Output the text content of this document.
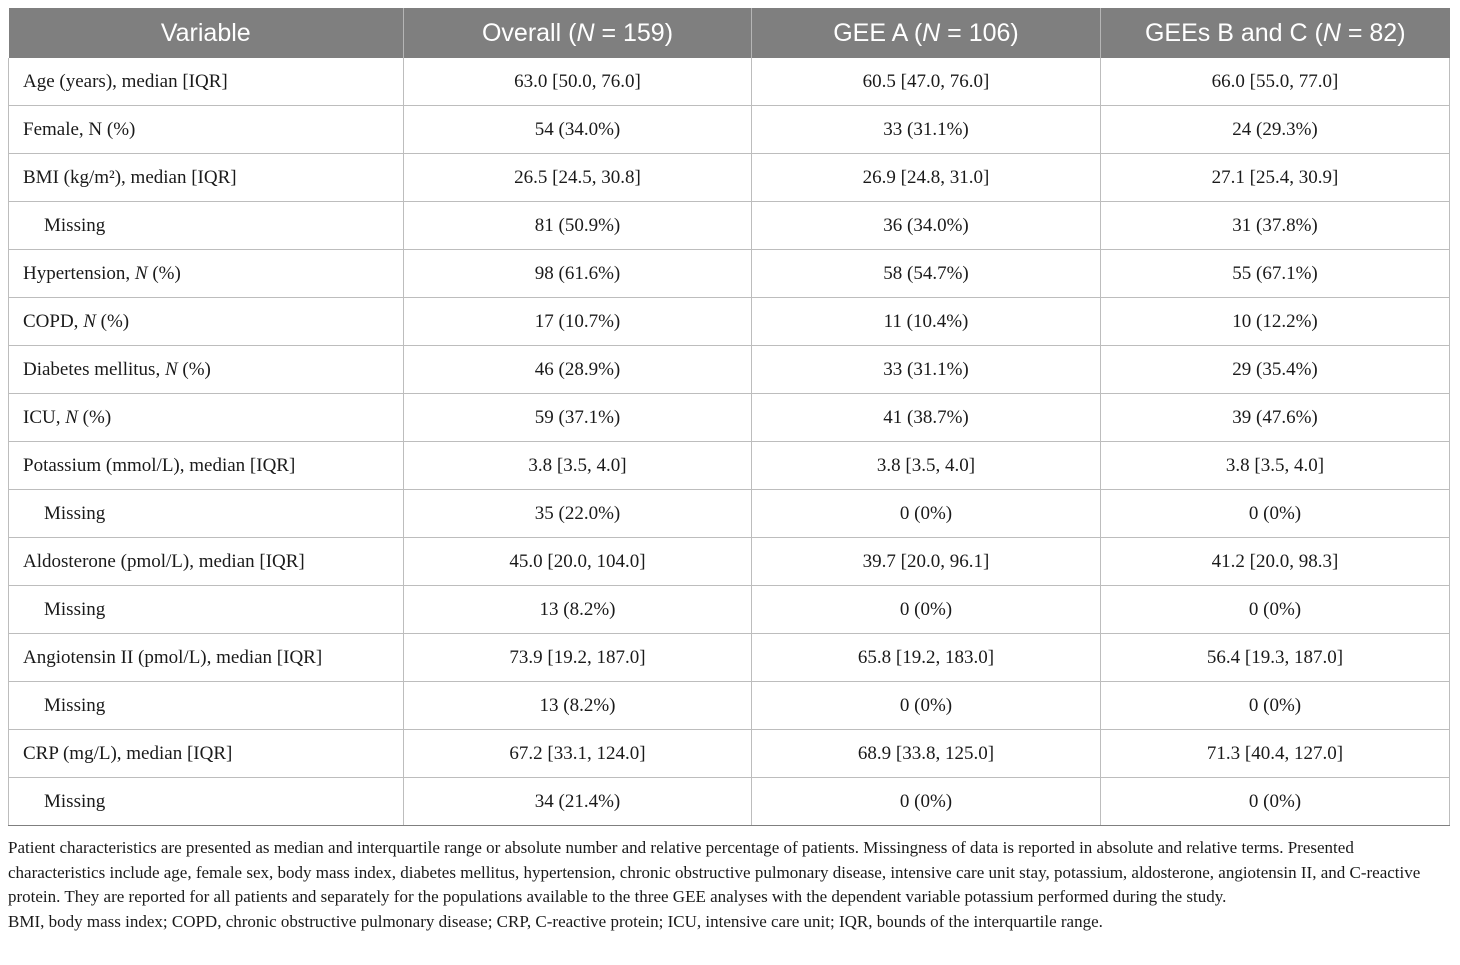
Variable	Overall (N = 159)	GEE A (N = 106)	GEEs B and C (N = 82)
Age (years), median [IQR]	63.0 [50.0, 76.0]	60.5 [47.0, 76.0]	66.0 [55.0, 77.0]
Female, N (%)	54 (34.0%)	33 (31.1%)	24 (29.3%)
BMI (kg/m²), median [IQR]	26.5 [24.5, 30.8]	26.9 [24.8, 31.0]	27.1 [25.4, 30.9]
Missing	81 (50.9%)	36 (34.0%)	31 (37.8%)
Hypertension, N (%)	98 (61.6%)	58 (54.7%)	55 (67.1%)
COPD, N (%)	17 (10.7%)	11 (10.4%)	10 (12.2%)
Diabetes mellitus, N (%)	46 (28.9%)	33 (31.1%)	29 (35.4%)
ICU, N (%)	59 (37.1%)	41 (38.7%)	39 (47.6%)
Potassium (mmol/L), median [IQR]	3.8 [3.5, 4.0]	3.8 [3.5, 4.0]	3.8 [3.5, 4.0]
Missing	35 (22.0%)	0 (0%)	0 (0%)
Aldosterone (pmol/L), median [IQR]	45.0 [20.0, 104.0]	39.7 [20.0, 96.1]	41.2 [20.0, 98.3]
Missing	13 (8.2%)	0 (0%)	0 (0%)
Angiotensin II (pmol/L), median [IQR]	73.9 [19.2, 187.0]	65.8 [19.2, 183.0]	56.4 [19.3, 187.0]
Missing	13 (8.2%)	0 (0%)	0 (0%)
CRP (mg/L), median [IQR]	67.2 [33.1, 124.0]	68.9 [33.8, 125.0]	71.3 [40.4, 127.0]
Missing	34 (21.4%)	0 (0%)	0 (0%)

Patient characteristics are presented as median and interquartile range or absolute number and relative percentage of patients. Missingness of data is reported in absolute and relative terms. Presented characteristics include age, female sex, body mass index, diabetes mellitus, hypertension, chronic obstructive pulmonary disease, intensive care unit stay, potassium, aldosterone, angiotensin II, and C-reactive protein. They are reported for all patients and separately for the populations available to the three GEE analyses with the dependent variable potassium performed during the study.

BMI, body mass index; COPD, chronic obstructive pulmonary disease; CRP, C-reactive protein; ICU, intensive care unit; IQR, bounds of the interquartile range.
